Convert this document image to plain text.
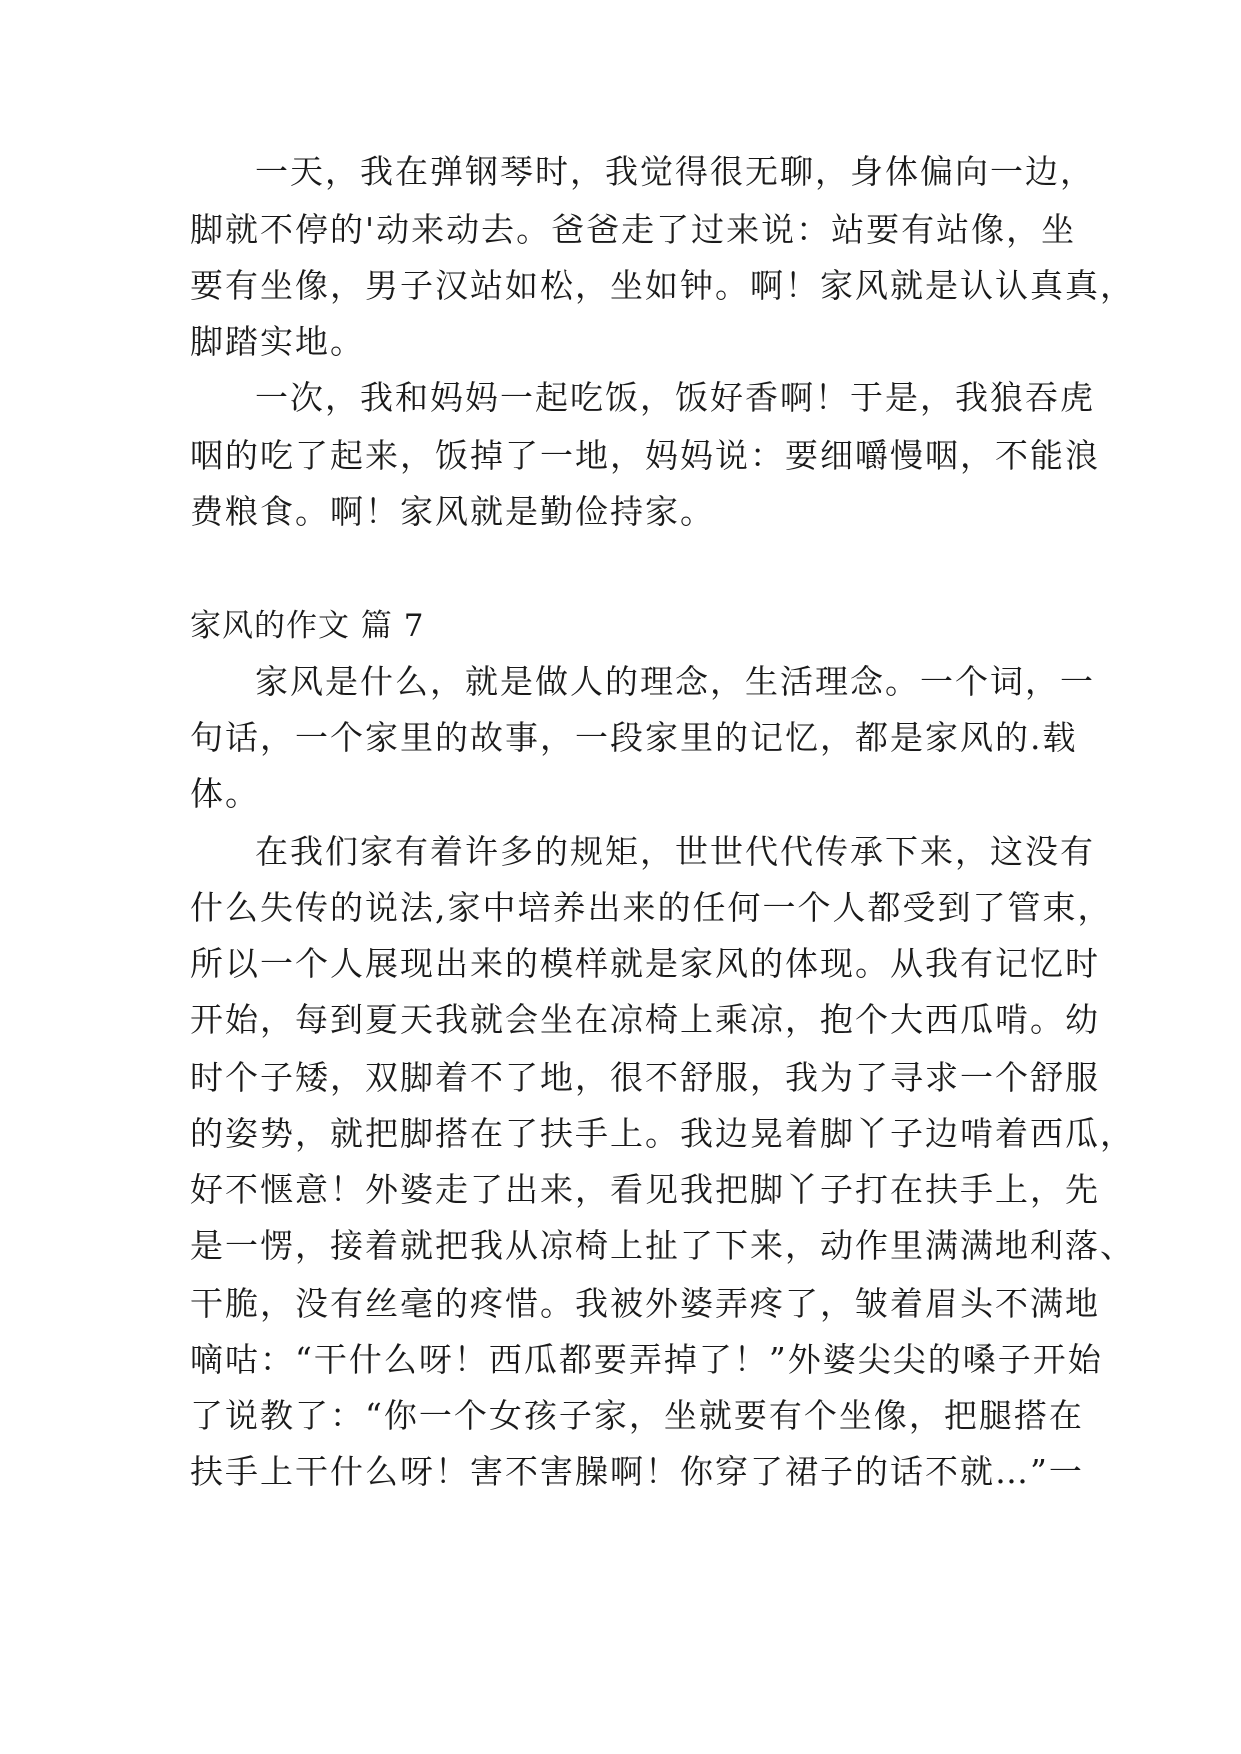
一天，我在弹钢琴时，我觉得很无聊，身体偏向一边，
脚就不停的'动来动去。爸爸走了过来说：站要有站像，坐
要有坐像，男子汉站如松，坐如钟。啊！家风就是认认真真，
脚踏实地。
一次，我和妈妈一起吃饭，饭好香啊！于是，我狼吞虎
咽的吃了起来，饭掉了一地，妈妈说：要细嚼慢咽，不能浪
费粮食。啊！家风就是勤俭持家。
家风的作文 篇 7
家风是什么，就是做人的理念，生活理念。一个词，一
句话，一个家里的故事，一段家里的记忆，都是家风的.载
体。
在我们家有着许多的规矩，世世代代传承下来，这没有
什么失传的说法,家中培养出来的任何一个人都受到了管束，
所以一个人展现出来的模样就是家风的体现。从我有记忆时
开始，每到夏天我就会坐在凉椅上乘凉，抱个大西瓜啃。幼
时个子矮，双脚着不了地，很不舒服，我为了寻求一个舒服
的姿势，就把脚搭在了扶手上。我边晃着脚丫子边啃着西瓜，
好不惬意！外婆走了出来，看见我把脚丫子打在扶手上，先
是一愣，接着就把我从凉椅上扯了下来，动作里满满地利落、
干脆，没有丝毫的疼惜。我被外婆弄疼了，皱着眉头不满地
嘀咕：“干什么呀！西瓜都要弄掉了！”外婆尖尖的嗓子开始
了说教了：“你一个女孩子家，坐就要有个坐像，把腿搭在
扶手上干什么呀！害不害臊啊！你穿了裙子的话不就…”一
